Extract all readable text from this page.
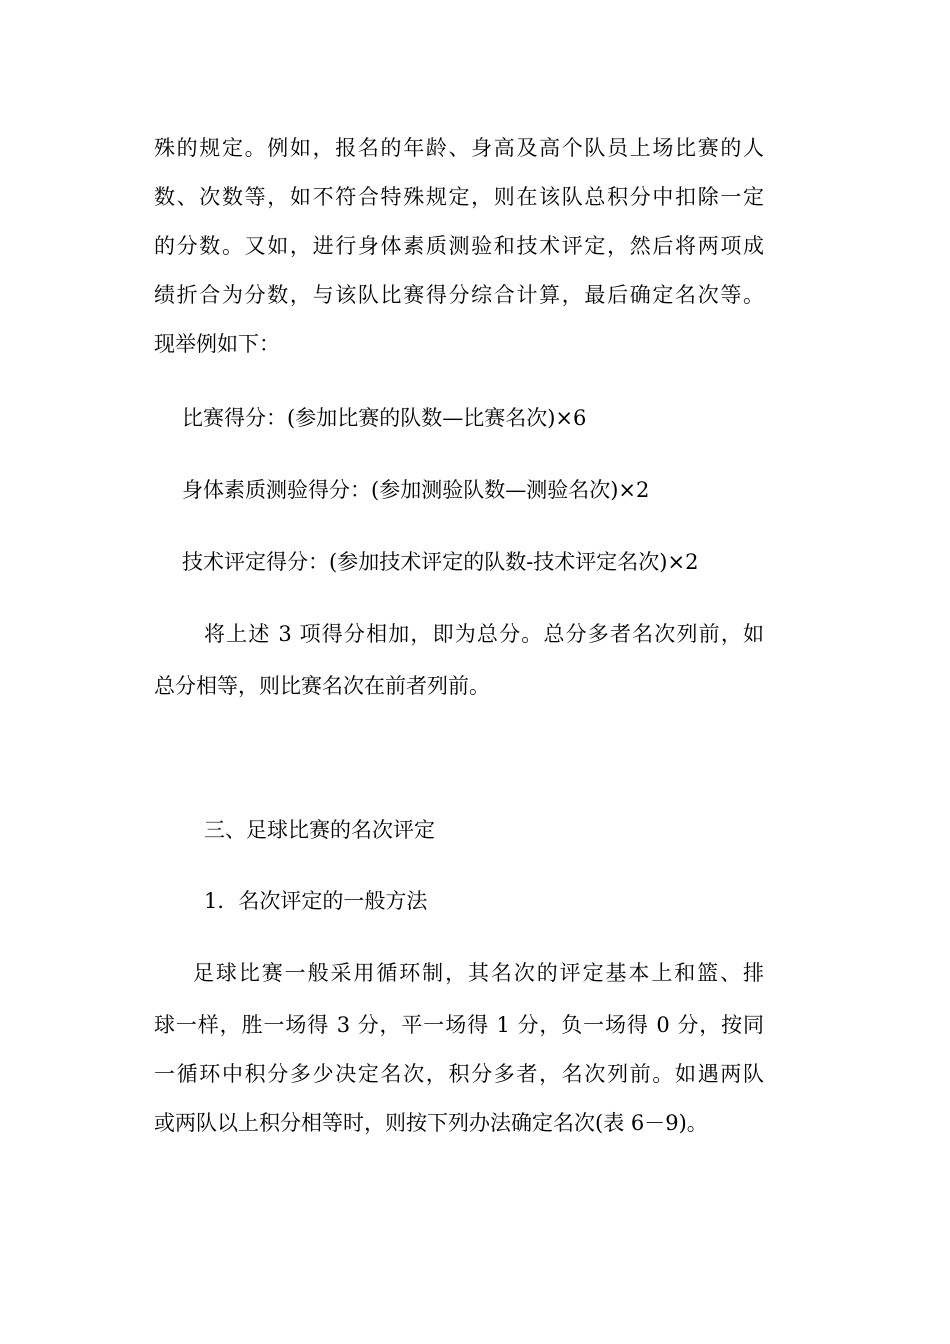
殊的规定。例如，报名的年龄、身高及高个队员上场比赛的人
数、次数等，如不符合特殊规定，则在该队总积分中扣除一定
的分数。又如，进行身体素质测验和技术评定，然后将两项成
绩折合为分数，与该队比赛得分综合计算，最后确定名次等。
现举例如下：
比赛得分：(参加比赛的队数—比赛名次)×6
身体素质测验得分：(参加测验队数—测验名次)×2
技术评定得分：(参加技术评定的队数-技术评定名次)×2
将上述 3 项得分相加，即为总分。总分多者名次列前，如
总分相等，则比赛名次在前者列前。
三、足球比赛的名次评定
1．名次评定的一般方法
足球比赛一般采用循环制，其名次的评定基本上和篮、排
球一样，胜一场得 3 分，平一场得 1 分，负一场得 0 分，按同
一循环中积分多少决定名次，积分多者，名次列前。如遇两队
或两队以上积分相等时，则按下列办法确定名次(表 6－9)。
